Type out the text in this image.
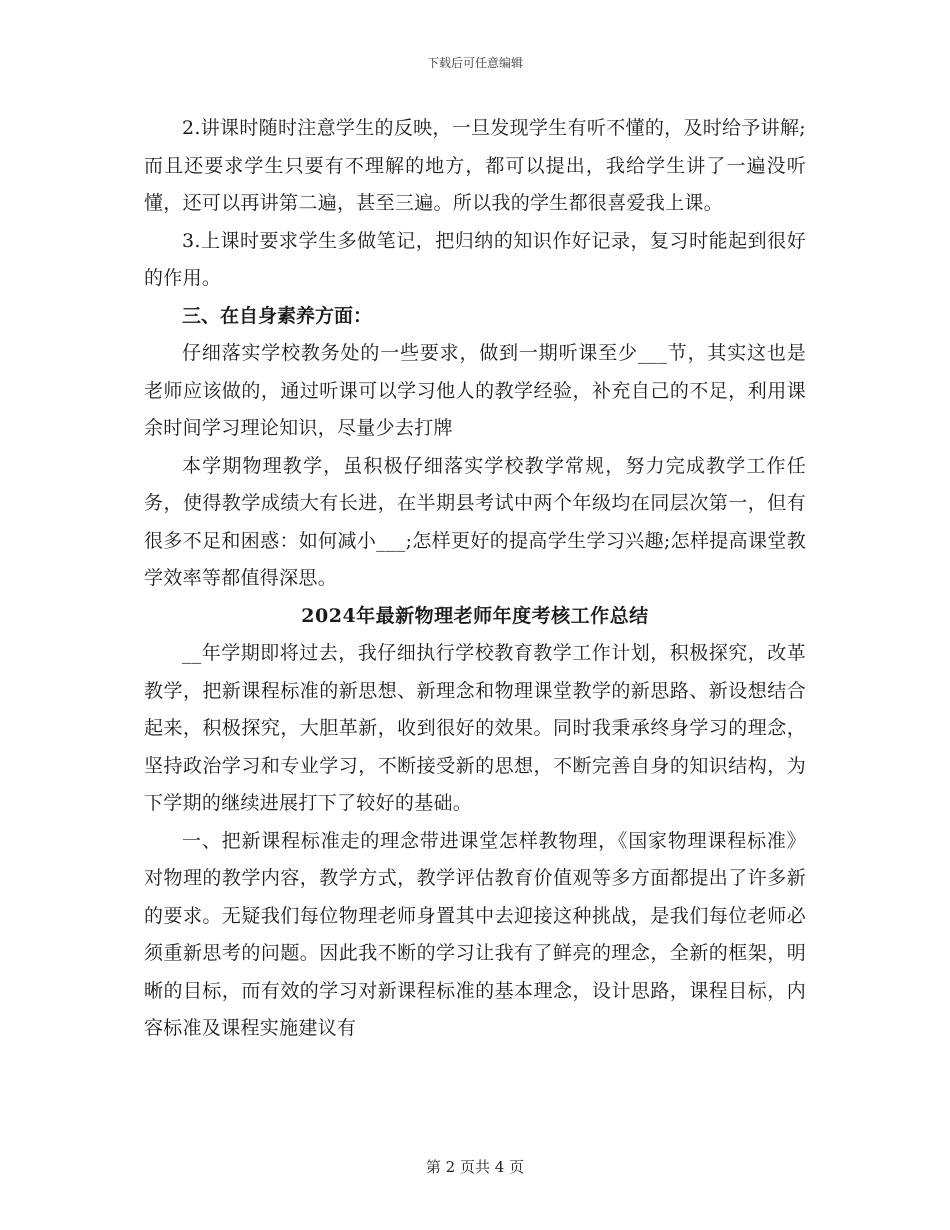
下载后可任意编辑

2.讲课时随时注意学生的反映，一旦发现学生有听不懂的，及时给予讲解;而且还要求学生只要有不理解的地方，都可以提出，我给学生讲了一遍没听懂，还可以再讲第二遍，甚至三遍。所以我的学生都很喜爱我上课。

3.上课时要求学生多做笔记，把归纳的知识作好记录，复习时能起到很好的作用。

三、在自身素养方面：

仔细落实学校教务处的一些要求，做到一期听课至少___节，其实这也是老师应该做的，通过听课可以学习他人的教学经验，补充自己的不足，利用课余时间学习理论知识，尽量少去打牌

本学期物理教学，虽积极仔细落实学校教学常规，努力完成教学工作任务，使得教学成绩大有长进，在半期县考试中两个年级均在同层次第一，但有很多不足和困惑：如何减小___;怎样更好的提高学生学习兴趣;怎样提高课堂教学效率等都值得深思。

2024年最新物理老师年度考核工作总结

__年学期即将过去，我仔细执行学校教育教学工作计划，积极探究，改革教学，把新课程标准的新思想、新理念和物理课堂教学的新思路、新设想结合起来，积极探究，大胆革新，收到很好的效果。同时我秉承终身学习的理念，坚持政治学习和专业学习，不断接受新的思想，不断完善自身的知识结构，为下学期的继续进展打下了较好的基础。

一、把新课程标准走的理念带进课堂怎样教物理，《国家物理课程标准》对物理的教学内容，教学方式，教学评估教育价值观等多方面都提出了许多新的要求。无疑我们每位物理老师身置其中去迎接这种挑战，是我们每位老师必须重新思考的问题。因此我不断的学习让我有了鲜亮的理念，全新的框架，明晰的目标，而有效的学习对新课程标准的基本理念，设计思路，课程目标，内容标准及课程实施建议有

第 2 页共 4 页
